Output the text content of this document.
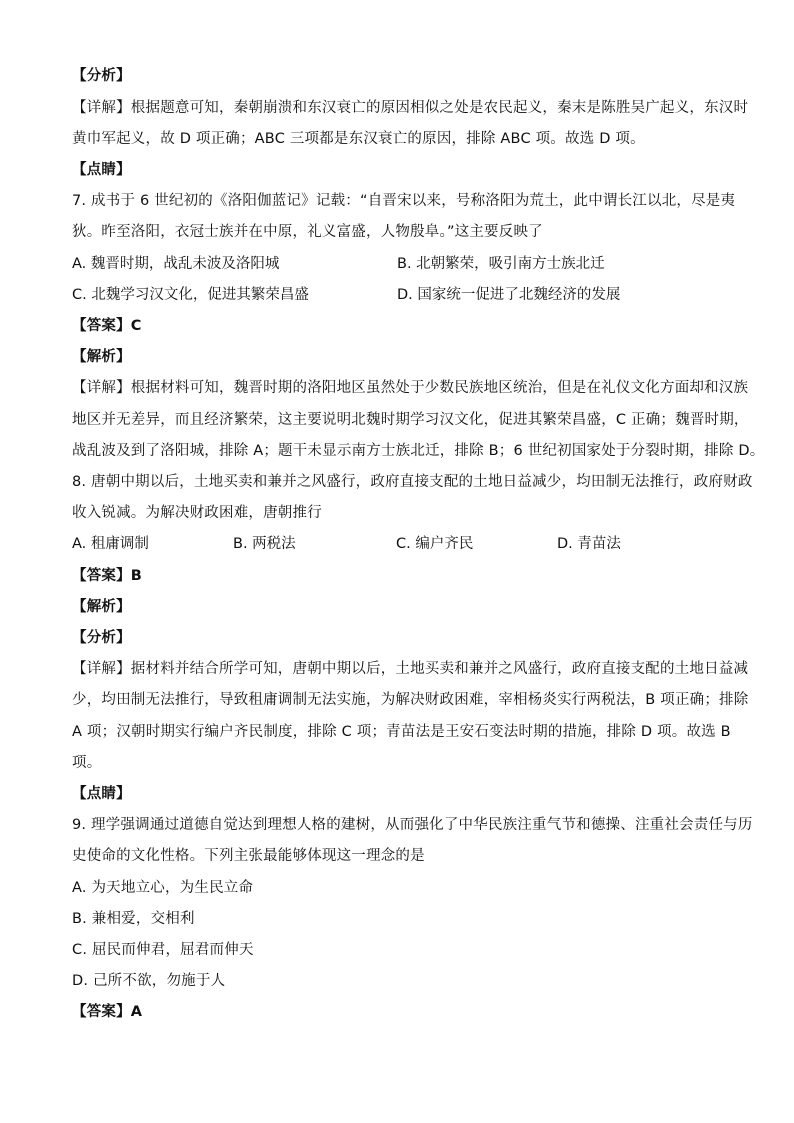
【分析】
【详解】根据题意可知，秦朝崩溃和东汉衰亡的原因相似之处是农民起义，秦末是陈胜吴广起义，东汉时
黄巾军起义，故 D 项正确；ABC 三项都是东汉衰亡的原因，排除 ABC 项。故选 D 项。
【点睛】
7. 成书于 6 世纪初的《洛阳伽蓝记》记载：“自晋宋以来，号称洛阳为荒土，此中谓长江以北，尽是夷
狄。昨至洛阳，衣冠士族并在中原，礼义富盛，人物殷阜。”这主要反映了
A. 魏晋时期，战乱未波及洛阳城	B. 北朝繁荣，吸引南方士族北迁
C. 北魏学习汉文化，促进其繁荣昌盛	D. 国家统一促进了北魏经济的发展
【答案】C
【解析】
【详解】根据材料可知，魏晋时期的洛阳地区虽然处于少数民族地区统治，但是在礼仪文化方面却和汉族
地区并无差异，而且经济繁荣，这主要说明北魏时期学习汉文化，促进其繁荣昌盛，C 正确；魏晋时期，
战乱波及到了洛阳城，排除 A；题干未显示南方士族北迁，排除 B；6 世纪初国家处于分裂时期，排除 D。
8. 唐朝中期以后，土地买卖和兼并之风盛行，政府直接支配的土地日益减少，均田制无法推行，政府财政
收入锐减。为解决财政困难，唐朝推行
A. 租庸调制	B. 两税法	C. 编户齐民	D. 青苗法
【答案】B
【解析】
【分析】
【详解】据材料并结合所学可知，唐朝中期以后，土地买卖和兼并之风盛行，政府直接支配的土地日益减
少，均田制无法推行，导致租庸调制无法实施，为解决财政困难，宰相杨炎实行两税法，B 项正确；排除
A 项；汉朝时期实行编户齐民制度，排除 C 项；青苗法是王安石变法时期的措施，排除 D 项。故选 B
项。
【点睛】
9. 理学强调通过道德自觉达到理想人格的建树，从而强化了中华民族注重气节和德操、注重社会责任与历
史使命的文化性格。下列主张最能够体现这一理念的是
A. 为天地立心，为生民立命
B. 兼相爱，交相利
C. 屈民而伸君，屈君而伸天
D. 己所不欲，勿施于人
【答案】A
